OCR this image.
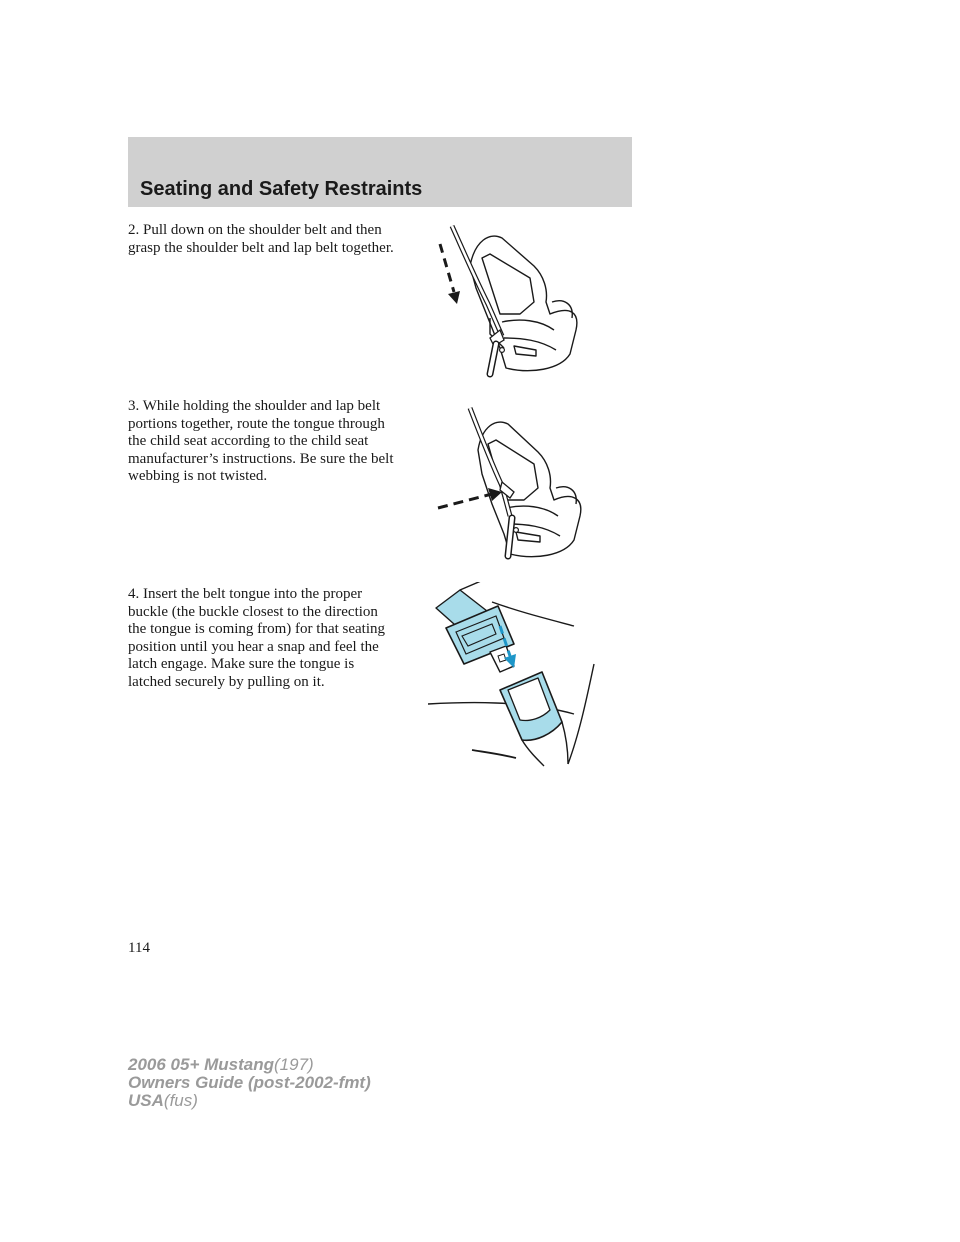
Seating and Safety Restraints

2. Pull down on the shoulder belt and then grasp the shoulder belt and lap belt together.

3. While holding the shoulder and lap belt portions together, route the tongue through the child seat according to the child seat manufacturer’s instructions. Be sure the belt webbing is not twisted.

4. Insert the belt tongue into the proper buckle (the buckle closest to the direction the tongue is coming from) for that seating position until you hear a snap and feel the latch engage. Make sure the tongue is latched securely by pulling on it.

114
2006 05+ Mustang(197)
Owners Guide (post-2002-fmt)
USA(fus)
